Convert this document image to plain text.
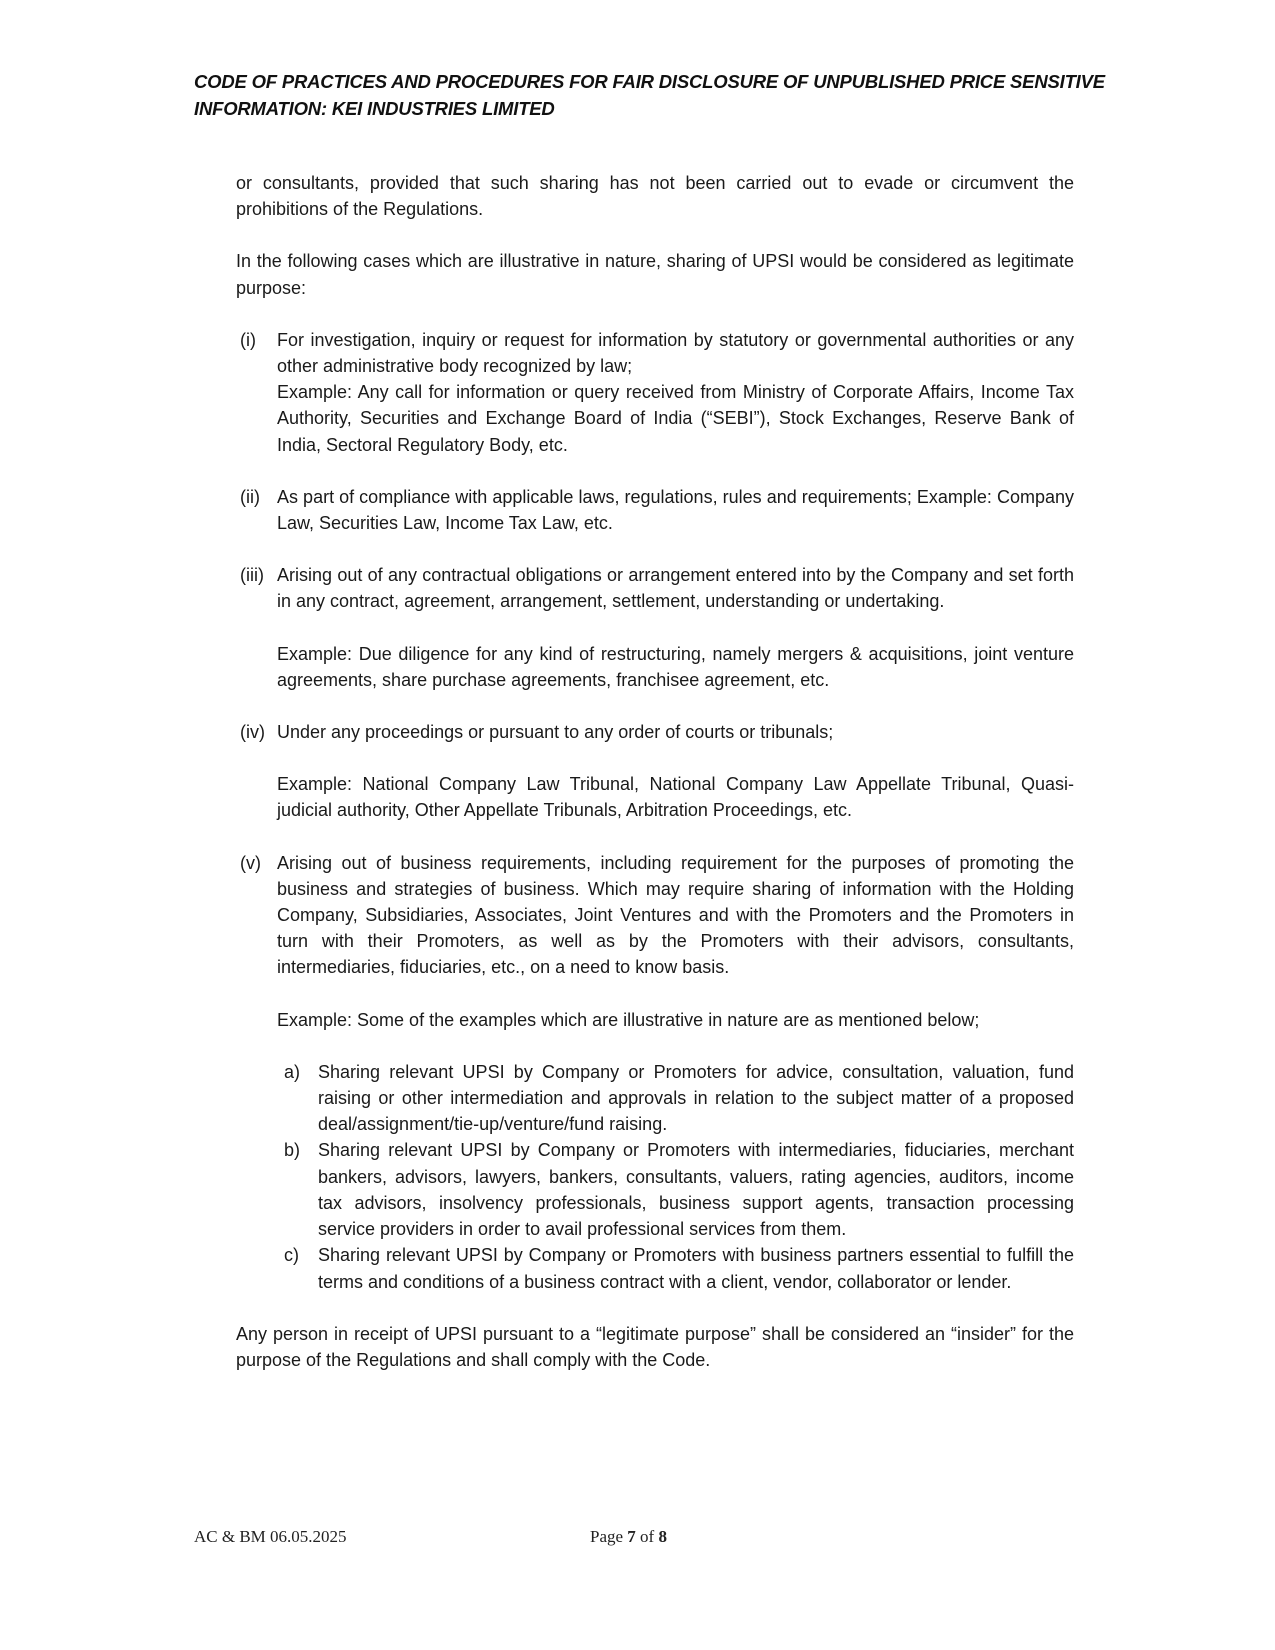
CODE OF PRACTICES AND PROCEDURES FOR FAIR DISCLOSURE OF UNPUBLISHED PRICE SENSITIVE
INFORMATION: KEI INDUSTRIES LIMITED

or consultants, provided that such sharing has not been carried out to evade or circumvent the prohibitions of the Regulations.

In the following cases which are illustrative in nature, sharing of UPSI would be considered as legitimate purpose:

(i) For investigation, inquiry or request for information by statutory or governmental authorities or any other administrative body recognized by law;

Example: Any call for information or query received from Ministry of Corporate Affairs, Income Tax Authority, Securities and Exchange Board of India (“SEBI”), Stock Exchanges, Reserve Bank of India, Sectoral Regulatory Body, etc.

(ii) As part of compliance with applicable laws, regulations, rules and requirements; Example: Company Law, Securities Law, Income Tax Law, etc.

(iii) Arising out of any contractual obligations or arrangement entered into by the Company and set forth in any contract, agreement, arrangement, settlement, understanding or undertaking.

Example: Due diligence for any kind of restructuring, namely mergers & acquisitions, joint venture agreements, share purchase agreements, franchisee agreement, etc.

(iv) Under any proceedings or pursuant to any order of courts or tribunals;

Example: National Company Law Tribunal, National Company Law Appellate Tribunal, Quasi-judicial authority, Other Appellate Tribunals, Arbitration Proceedings, etc.

(v) Arising out of business requirements, including requirement for the purposes of promoting the business and strategies of business. Which may require sharing of information with the Holding Company, Subsidiaries, Associates, Joint Ventures and with the Promoters and the Promoters in turn with their Promoters, as well as by the Promoters with their advisors, consultants, intermediaries, fiduciaries, etc., on a need to know basis.

Example: Some of the examples which are illustrative in nature are as mentioned below;

a) Sharing relevant UPSI by Company or Promoters for advice, consultation, valuation, fund raising or other intermediation and approvals in relation to the subject matter of a proposed deal/assignment/tie-up/venture/fund raising.

b) Sharing relevant UPSI by Company or Promoters with intermediaries, fiduciaries, merchant bankers, advisors, lawyers, bankers, consultants, valuers, rating agencies, auditors, income tax advisors, insolvency professionals, business support agents, transaction processing service providers in order to avail professional services from them.

c) Sharing relevant UPSI by Company or Promoters with business partners essential to fulfill the terms and conditions of a business contract with a client, vendor, collaborator or lender.

Any person in receipt of UPSI pursuant to a “legitimate purpose” shall be considered an “insider” for the purpose of the Regulations and shall comply with the Code.

AC & BM 06.05.2025	Page 7 of 8
